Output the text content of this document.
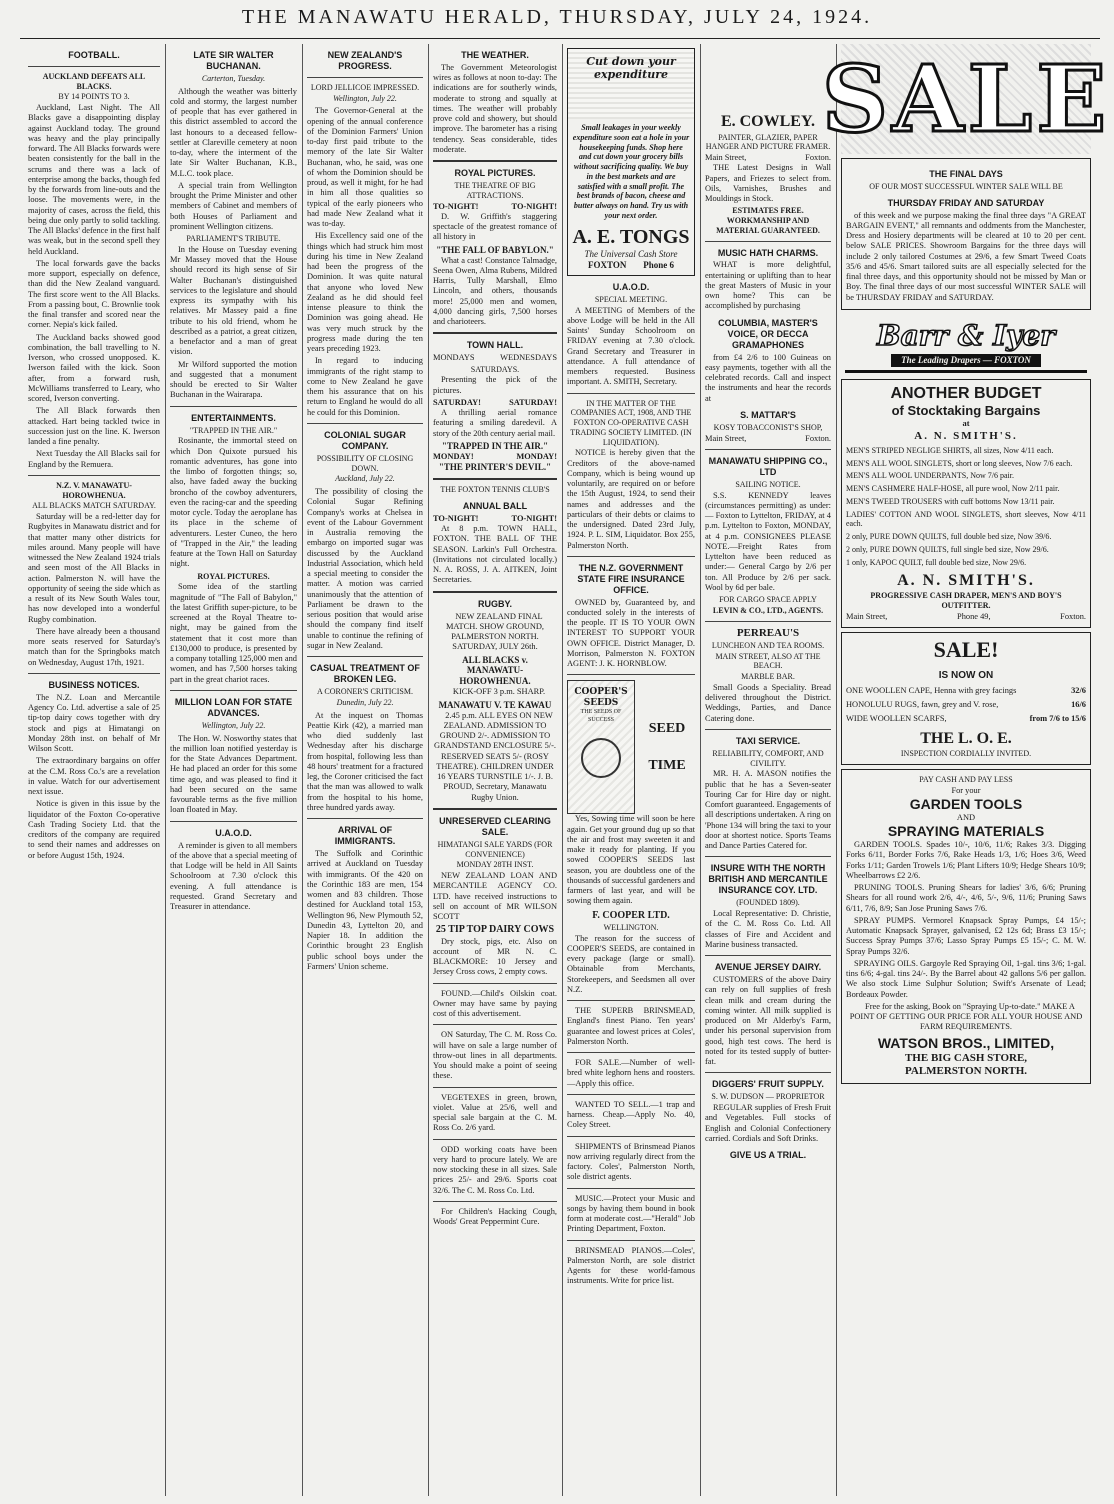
THE MANAWATU HERALD, THURSDAY, JULY 24, 1924.
FOOTBALL.
AUCKLAND DEFEATS ALL BLACKS.
BY 14 POINTS TO 3.

Auckland, Last Night. The All Blacks gave a disappointing display against Auckland today. The ground was heavy and the play principally forward. The All Blacks forwards were beaten consistently for the ball in the scrums and there was a lack of enterprise among the backs, though fed by the forwards from line-outs and the loose. The movements were, in the majority of cases, across the field, this being due only partly to solid tackling. The All Blacks' defence in the first half was weak, but in the second spell they held Auckland.

The local forwards gave the backs more support, especially on defence, than did the New Zealand vanguard. The first score went to the All Blacks. From a passing bout, C. Brownlie took the final transfer and scored near the corner. Nepia's kick failed.

The Auckland backs showed good combination, the ball travelling to N. Iverson, who crossed unopposed. K. Iwerson failed with the kick. Soon after, from a forward rush, McWilliams transferred to Leary, who scored, Iverson converting.

The All Black forwards then attacked. Hart being tackled twice in succession just on the line. K. Iwerson landed a fine penalty.

Next Tuesday the All Blacks sail for England by the Remuera.

N.Z. V. MANAWATU-HOROWHENUA.
ALL BLACKS MATCH SATURDAY.

Saturday will be a red-letter day for Rugbyites in Manawatu district and for that matter many other districts for miles around. Many people will have witnessed the New Zealand 1924 trials and seen most of the All Blacks in action. Palmerston N. will have the opportunity of seeing the side which as a result of its New South Wales tour, has now developed into a wonderful Rugby combination.

There have already been a thousand more seats reserved for Saturday's match than for the Springboks match on Wednesday, August 17th, 1921.

BUSINESS NOTICES.

The N.Z. Loan and Mercantile Agency Co. Ltd. advertise a sale of 25 tip-top dairy cows together with dry stock and pigs at Himatangi on Monday 28th inst. on behalf of Mr Wilson Scott.

The extraordinary bargains on offer at the C.M. Ross Co.'s are a revelation in value. Watch for our advertisement next issue.

Notice is given in this issue by the liquidator of the Foxton Co-operative Cash Trading Society Ltd. that the creditors of the company are required to send their names and addresses on or before August 15th, 1924.

LATE SIR WALTER BUCHANAN.
Carterton, Tuesday.

Although the weather was bitterly cold and stormy, the largest number of people that has ever gathered in this district assembled to accord the last honours to a deceased fellow-settler at Clareville cemetery at noon to-day, where the interment of the late Sir Walter Buchanan, K.B., M.L.C. took place.

A special train from Wellington brought the Prime Minister and other members of Cabinet and members of both Houses of Parliament and prominent Wellington citizens.

PARLIAMENT'S TRIBUTE.

In the House on Tuesday evening Mr Massey moved that the House should record its high sense of Sir Walter Buchanan's distinguished services to the legislature and should express its sympathy with his relatives. Mr Massey paid a fine tribute to his old friend, whom he described as a patriot, a great citizen, a benefactor and a man of great vision.

Mr Wilford supported the motion and suggested that a monument should be erected to Sir Walter Buchanan in the Wairarapa.

ENTERTAINMENTS.
"TRAPPED IN THE AIR."

Rosinante, the immortal steed on which Don Quixote pursued his romantic adventures, has gone into the limbo of forgotten things; so, also, have faded away the bucking broncho of the cowboy adventurers, even the racing-car and the speeding motor cycle. Today the aeroplane has its place in the scheme of adventurers. Lester Cuneo, the hero of "Trapped in the Air," the leading feature at the Town Hall on Saturday night.

ROYAL PICTURES.

Some idea of the startling magnitude of "The Fall of Babylon," the latest Griffith super-picture, to be screened at the Royal Theatre to-night, may be gained from the statement that it cost more than £130,000 to produce, is presented by a company totalling 125,000 men and women, and has 7,500 horses taking part in the great chariot races.

MILLION LOAN FOR STATE ADVANCES.
Wellington, July 22.

The Hon. W. Nosworthy states that the million loan notified yesterday is for the State Advances Department. He had placed an order for this some time ago, and was pleased to find it had been secured on the same favourable terms as the five million loan floated in May.

U.A.O.D.

A reminder is given to all members of the above that a special meeting of that Lodge will be held in All Saints Schoolroom at 7.30 o'clock this evening. A full attendance is requested. Grand Secretary and Treasurer in attendance.

NEW ZEALAND'S PROGRESS.
LORD JELLICOE IMPRESSED.
Wellington, July 22.

The Governor-General at the opening of the annual conference of the Dominion Farmers' Union to-day first paid tribute to the memory of the late Sir Walter Buchanan, who, he said, was one of whom the Dominion should be proud, as well it might, for he had in him all those qualities so typical of the early pioneers who had made New Zealand what it was to-day.

His Excellency said one of the things which had struck him most during his time in New Zealand had been the progress of the Dominion. It was quite natural that anyone who loved New Zealand as he did should feel intense pleasure to think the Dominion was going ahead. He was very much struck by the progress made during the ten years preceding 1923.

In regard to inducing immigrants of the right stamp to come to New Zealand he gave them his assurance that on his return to England he would do all he could for this Dominion.

COLONIAL SUGAR COMPANY.
POSSIBILITY OF CLOSING DOWN.
Auckland, July 22.

The possibility of closing the Colonial Sugar Refining Company's works at Chelsea in event of the Labour Government in Australia removing the embargo on imported sugar was discussed by the Auckland Industrial Association, which held a special meeting to consider the matter. A motion was carried unanimously that the attention of Parliament be drawn to the serious position that would arise should the company find itself unable to continue the refining of sugar in New Zealand.

CASUAL TREATMENT OF BROKEN LEG.
A CORONER'S CRITICISM.
Dunedin, July 22.

At the inquest on Thomas Peattie Kirk (42), a married man who died suddenly last Wednesday after his discharge from hospital, following less than 48 hours' treatment for a fractured leg, the Coroner criticised the fact that the man was allowed to walk from the hospital to his home, three hundred yards away.

ARRIVAL OF IMMIGRANTS.

The Suffolk and Corinthic arrived at Auckland on Tuesday with immigrants. Of the 420 on the Corinthic 183 are men, 154 women and 83 children. Those destined for Auckland total 153, Wellington 96, New Plymouth 52, Dunedin 43, Lyttelton 20, and Napier 18. In addition the Corinthic brought 23 English public school boys under the Farmers' Union scheme.

THE WEATHER.

The Government Meteorologist wires as follows at noon to-day: The indications are for southerly winds, moderate to strong and squally at times. The weather will probably prove cold and showery, but should improve. The barometer has a rising tendency. Seas considerable, tides moderate.

ROYAL PICTURES.
THE THEATRE OF BIG ATTRACTIONS.
TO-NIGHT!	TO-NIGHT!

D. W. Griffith's staggering spectacle of the greatest romance of all history in

"THE FALL OF BABYLON."

What a cast! Constance Talmadge, Seena Owen, Alma Rubens, Mildred Harris, Tully Marshall, Elmo Lincoln, and others, thousands more! 25,000 men and women, 4,000 dancing girls, 7,500 horses and charioteers.

TOWN HALL.
MONDAYS	WEDNESDAYS
SATURDAYS.

Presenting the pick of the pictures.

SATURDAY!	SATURDAY!

A thrilling aerial romance featuring a smiling daredevil. A story of the 20th century aerial mail.

"TRAPPED IN THE AIR."
MONDAY!	MONDAY!
"THE PRINTER'S DEVIL."
THE FOXTON TENNIS CLUB'S
ANNUAL BALL
TO-NIGHT!	TO-NIGHT!

At 8 p.m. TOWN HALL, FOXTON. THE BALL OF THE SEASON. Larkin's Full Orchestra. (Invitations not circulated locally.) N. A. ROSS, J. A. AITKEN, Joint Secretaries.

RUGBY.

NEW ZEALAND FINAL MATCH. SHOW GROUND, PALMERSTON NORTH. SATURDAY, JULY 26th.

ALL BLACKS v. MANAWATU-HOROWHENUA.

KICK-OFF 3 p.m. SHARP.

MANAWATU V. TE KAWAU

2.45 p.m. ALL EYES ON NEW ZEALAND. ADMISSION TO GROUND 2/-. ADMISSION TO GRANDSTAND ENCLOSURE 5/-. RESERVED SEATS 5/- (ROSY THEATRE). CHILDREN UNDER 16 YEARS TURNSTILE 1/-. J. B. PROUD, Secretary, Manawatu Rugby Union.

UNRESERVED CLEARING SALE.
HIMATANGI SALE YARDS (FOR CONVENIENCE)
MONDAY 28TH INST.

NEW ZEALAND LOAN AND MERCANTILE AGENCY CO. LTD. have received instructions to sell on account of MR WILSON SCOTT

25 TIP TOP DAIRY COWS

Dry stock, pigs, etc. Also on account of MR N. C. BLACKMORE: 10 Jersey and Jersey Cross cows, 2 empty cows.

FOUND.—Child's Oilskin coat. Owner may have same by paying cost of this advertisement.

ON Saturday, The C. M. Ross Co. will have on sale a large number of throw-out lines in all departments. You should make a point of seeing these.

VEGETEXES in green, brown, violet. Value at 25/6, well and special sale bargain at the C. M. Ross Co. 2/6 yard.

ODD working coats have been very hard to procure lately. We are now stocking these in all sizes. Sale prices 25/- and 29/6. Sports coat 32/6. The C. M. Ross Co. Ltd.

For Children's Hacking Cough, Woods' Great Peppermint Cure.

Cut down your expenditure
Small leakages in your weekly expenditure soon eat a hole in your housekeeping funds. Shop here and cut down your grocery bills without sacrificing quality. We buy in the best markets and are satisfied with a small profit. The best brands of bacon, cheese and butter always on hand. Try us with your next order.
A. E. TONGS
The Universal Cash Store
FOXTON Phone 6
U.A.O.D.
SPECIAL MEETING.

A MEETING of Members of the above Lodge will be held in the All Saints' Sunday Schoolroom on FRIDAY evening at 7.30 o'clock. Grand Secretary and Treasurer in attendance. A full attendance of members requested. Business important. A. SMITH, Secretary.

IN THE MATTER OF THE COMPANIES ACT, 1908, AND THE FOXTON CO-OPERATIVE CASH TRADING SOCIETY LIMITED. (IN LIQUIDATION).

NOTICE is hereby given that the Creditors of the above-named Company, which is being wound up voluntarily, are required on or before the 15th August, 1924, to send their names and addresses and the particulars of their debts or claims to the undersigned. Dated 23rd July, 1924. P. L. SIM, Liquidator. Box 255, Palmerston North.

THE N.Z. GOVERNMENT STATE FIRE INSURANCE OFFICE.

OWNED by, Guaranteed by, and conducted solely in the interests of the people. IT IS TO YOUR OWN INTEREST TO SUPPORT YOUR OWN OFFICE. District Manager, D. Morrison, Palmerston N. FOXTON AGENT: J. K. HORNBLOW.

COOPER'S SEEDS
THE SEEDS OF SUCCESS
SEED
TIME

Yes, Sowing time will soon be here again. Get your ground dug up so that the air and frost may sweeten it and make it ready for planting. If you sowed COOPER'S SEEDS last season, you are doubtless one of the thousands of successful gardeners and farmers of last year, and will be sowing them again.

F. COOPER LTD.
WELLINGTON.

The reason for the success of COOPER'S SEEDS, are contained in every package (large or small). Obtainable from Merchants, Storekeepers, and Seedsmen all over N.Z.

THE SUPERB BRINSMEAD, England's finest Piano. Ten years' guarantee and lowest prices at Coles', Palmerston North.

FOR SALE.—Number of well-bred white leghorn hens and roosters. —Apply this office.

WANTED TO SELL.—1 trap and harness. Cheap.—Apply No. 40, Coley Street.

SHIPMENTS of Brinsmead Pianos now arriving regularly direct from the factory. Coles', Palmerston North, sole district agents.

MUSIC.—Protect your Music and songs by having them bound in book form at moderate cost.—"Herald" Job Printing Department, Foxton.

BRINSMEAD PIANOS.—Coles', Palmerston North, are sole district Agents for these world-famous instruments. Write for price list.

E. COWLEY.
PAINTER, GLAZIER, PAPER HANGER AND PICTURE FRAMER.
Main Street,	Foxton.

THE Latest Designs in Wall Papers, and Friezes to select from. Oils, Varnishes, Brushes and Mouldings in Stock.

ESTIMATES FREE. WORKMANSHIP AND MATERIAL GUARANTEED.
MUSIC HATH CHARMS.

WHAT is more delightful, entertaining or uplifting than to hear the great Masters of Music in your own home? This can be accomplished by purchasing

COLUMBIA, MASTER'S VOICE, OR DECCA GRAMAPHONES

from £4 2/6 to 100 Guineas on easy payments, together with all the celebrated records. Call and inspect the instruments and hear the records at

S. MATTAR'S
KOSY TOBACCONIST'S SHOP,
Main Street,	Foxton.
MANAWATU SHIPPING CO., LTD
SAILING NOTICE.

S.S. KENNEDY leaves (circumstances permitting) as under:— Foxton to Lyttelton, FRIDAY, at 4 p.m. Lyttelton to Foxton, MONDAY, at 4 p.m. CONSIGNEES PLEASE NOTE.—Freight Rates from Lyttelton have been reduced as under:— General Cargo by 2/6 per ton. All Produce by 2/6 per sack. Wool by 6d per bale.

FOR CARGO SPACE APPLY
LEVIN & CO., LTD., AGENTS.
PERREAU'S
LUNCHEON AND TEA ROOMS.
MAIN STREET, ALSO AT THE BEACH.
MARBLE BAR.

Small Goods a Speciality. Bread delivered throughout the District. Weddings, Parties, and Dance Catering done.

TAXI SERVICE.
RELIABILITY, COMFORT, AND CIVILITY.

MR. H. A. MASON notifies the public that he has a Seven-seater Touring Car for Hire day or night. Comfort guaranteed. Engagements of all descriptions undertaken. A ring on 'Phone 134 will bring the taxi to your door at shortest notice. Sports Teams and Dance Parties Catered for.

INSURE WITH THE NORTH BRITISH AND MERCANTILE INSURANCE COY. LTD.
(FOUNDED 1809).

Local Representative: D. Christie, of the C. M. Ross Co. Ltd. All classes of Fire and Accident and Marine business transacted.

AVENUE JERSEY DAIRY.

CUSTOMERS of the above Dairy can rely on full supplies of fresh clean milk and cream during the coming winter. All milk supplied is produced on Mr Alderby's Farm, under his personal supervision from good, high test cows. The herd is noted for its tested supply of butter-fat.

DIGGERS' FRUIT SUPPLY.
S. W. DUDSON — PROPRIETOR

REGULAR supplies of Fresh Fruit and Vegetables. Full stocks of English and Colonial Confectionery carried. Cordials and Soft Drinks.

GIVE US A TRIAL.
SALE
THE FINAL DAYS
OF OUR MOST SUCCESSFUL WINTER SALE WILL BE
THURSDAY FRIDAY AND SATURDAY

of this week and we purpose making the final three days "A GREAT BARGAIN EVENT," all remnants and oddments from the Manchester, Dress and Hosiery departments will be cleared at 10 to 20 per cent. below SALE PRICES. Showroom Bargains for the three days will include 2 only tailored Costumes at 29/6, a few Smart Tweed Coats 35/6 and 45/6. Smart tailored suits are all especially selected for the final three days, and this opportunity should not be missed by Man or Boy. The final three days of our most successful WINTER SALE will be THURSDAY FRIDAY and SATURDAY.

Barr & Iyer
The Leading Drapers — FOXTON
ANOTHER BUDGET
of Stocktaking Bargains
at
A. N. SMITH'S.
MEN'S STRIPED NEGLIGE SHIRTS, all sizes, Now 4/11 each.
MEN'S ALL WOOL SINGLETS, short or long sleeves, Now 7/6 each.
MEN'S ALL WOOL UNDERPANTS, Now 7/6 pair.
MEN'S CASHMERE HALF-HOSE, all pure wool, Now 2/11 pair.
MEN'S TWEED TROUSERS with cuff bottoms Now 13/11 pair.
LADIES' COTTON AND WOOL SINGLETS, short sleeves, Now 4/11 each.
2 only, PURE DOWN QUILTS, full double bed size, Now 39/6.
2 only, PURE DOWN QUILTS, full single bed size, Now 29/6.
1 only, KAPOC QUILT, full double bed size, Now 29/6.
A. N. SMITH'S.
PROGRESSIVE CASH DRAPER, MEN'S AND BOY'S OUTFITTER.
Main Street,	Phone 49,	Foxton.
SALE!
IS NOW ON
ONE WOOLLEN CAPE, Henna with grey facings	32/6
HONOLULU RUGS, fawn, grey and V. rose,	16/6
WIDE WOOLLEN SCARFS,	from 7/6 to 15/6
THE L. O. E.
INSPECTION CORDIALLY INVITED.
PAY CASH AND PAY LESS
For your
GARDEN TOOLS
AND
SPRAYING MATERIALS

GARDEN TOOLS. Spades 10/-, 10/6, 11/6; Rakes 3/3. Digging Forks 6/11, Border Forks 7/6, Rake Heads 1/3, 1/6; Hoes 3/6, Weed Forks 1/11; Garden Trowels 1/6; Plant Lifters 10/9; Hedge Shears 10/9; Wheelbarrows £2 2/6.

PRUNING TOOLS. Pruning Shears for ladies' 3/6, 6/6; Pruning Shears for all round work 2/6, 4/-, 4/6, 5/-, 9/6, 11/6; Pruning Saws 6/11, 7/6, 8/9; San Jose Pruning Saws 7/6.

SPRAY PUMPS. Vermorel Knapsack Spray Pumps, £4 15/-; Automatic Knapsack Sprayer, galvanised, £2 12s 6d; Brass £3 15/-; Success Spray Pumps 37/6; Lasso Spray Pumps £5 15/-; C. M. W. Spray Pumps 32/6.

SPRAYING OILS. Gargoyle Red Spraying Oil, 1-gal. tins 3/6; 1-gal. tins 6/6; 4-gal. tins 24/-. By the Barrel about 42 gallons 5/6 per gallon. We also stock Lime Sulphur Solution; Swift's Arsenate of Lead; Bordeaux Powder.

Free for the asking, Book on "Spraying Up-to-date." MAKE A POINT OF GETTING OUR PRICE FOR ALL YOUR HOUSE AND FARM REQUIREMENTS.

WATSON BROS., LIMITED,
THE BIG CASH STORE,
PALMERSTON NORTH.
